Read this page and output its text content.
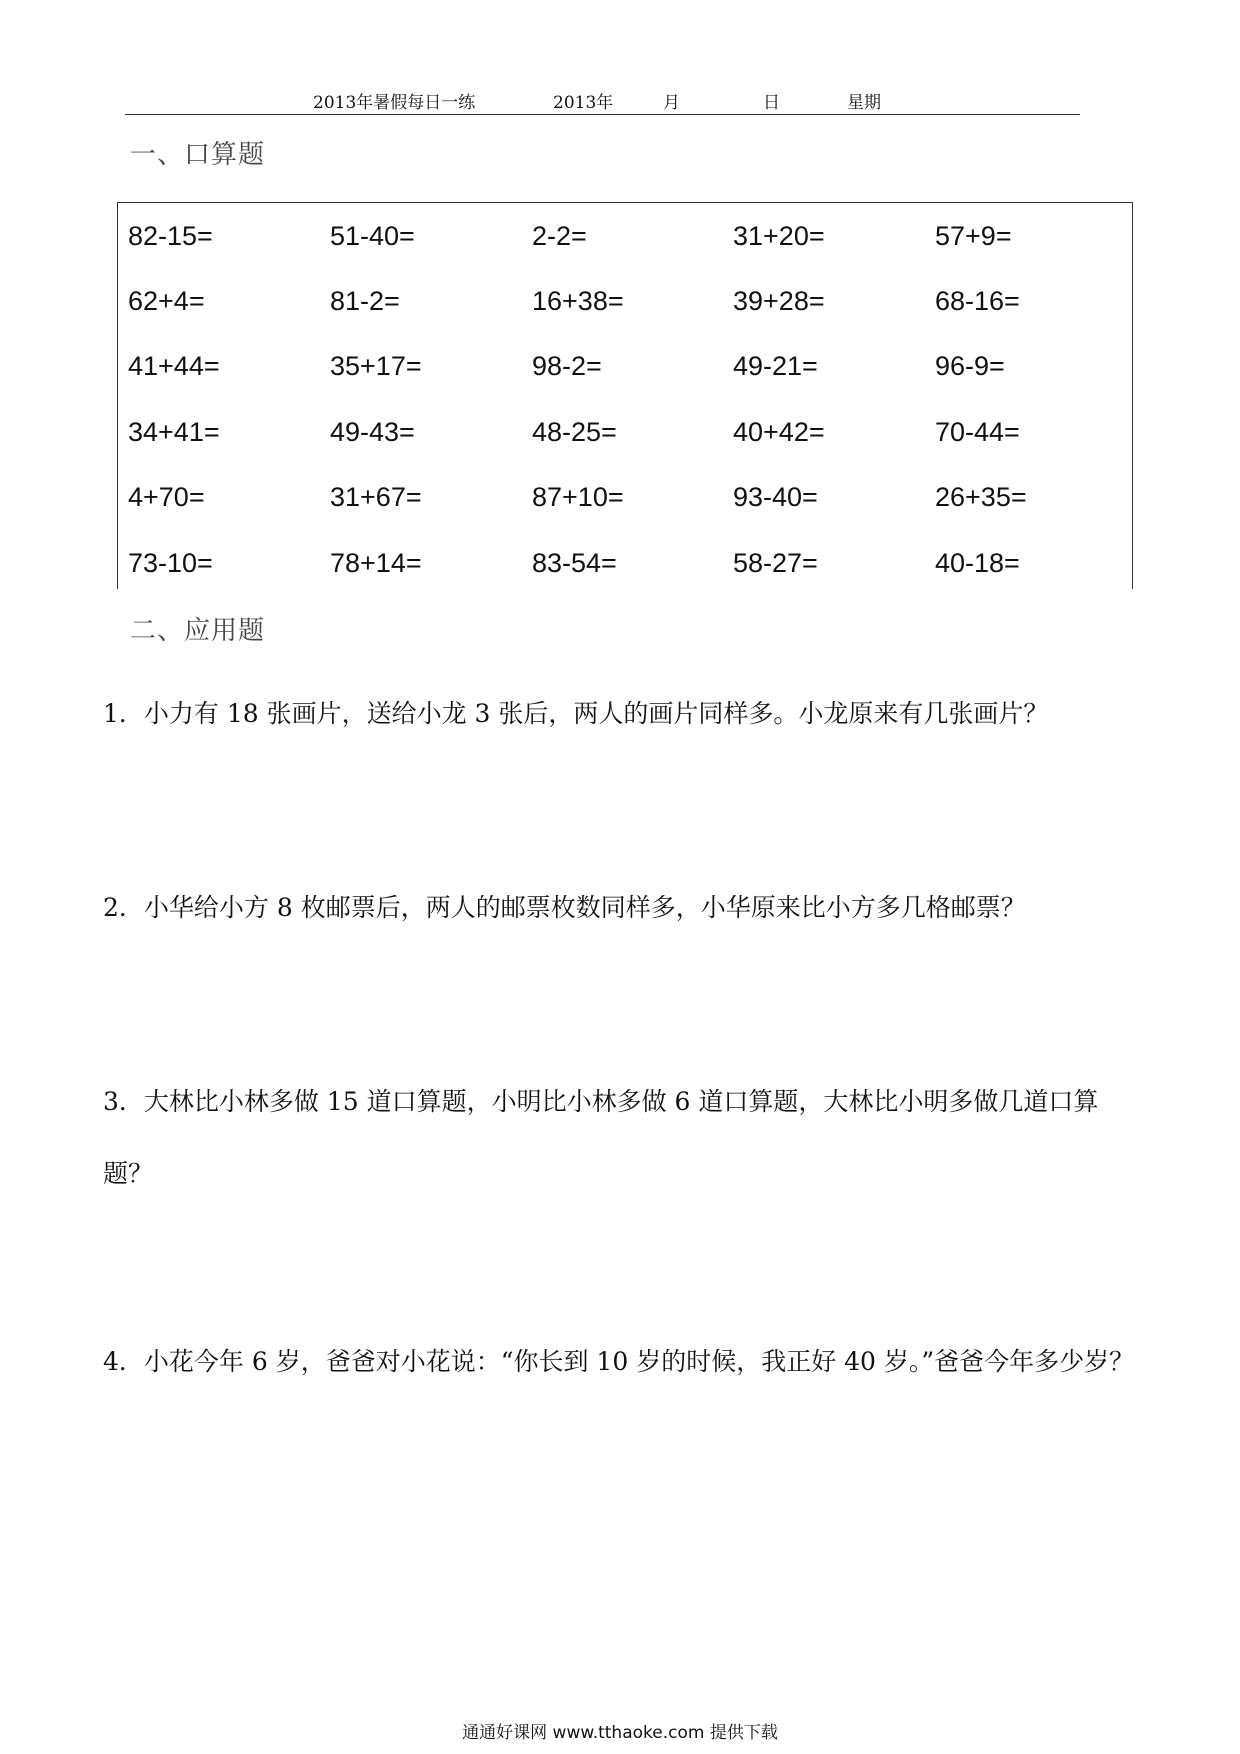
2013年暑假每日一练	2013年	月	日	星期
一、口算题
82-15=	51-40=	2-2=	31+20=	57+9=
62+4=	81-2=	16+38=	39+28=	68-16=
41+44=	35+17=	98-2=	49-21=	96-9=
34+41=	49-43=	48-25=	40+42=	70-44=
4+70=	31+67=	87+10=	93-40=	26+35=
73-10=	78+14=	83-54=	58-27=	40-18=
二、应用题
1．小力有 18 张画片，送给小龙 3 张后，两人的画片同样多。小龙原来有几张画片？
2．小华给小方 8 枚邮票后，两人的邮票枚数同样多，小华原来比小方多几格邮票？
3．大林比小林多做 15 道口算题，小明比小林多做 6 道口算题，大林比小明多做几道口算题？
4．小花今年 6 岁，爸爸对小花说：“你长到 10 岁的时候，我正好 40 岁。”爸爸今年多少岁？
通通好课网 www.tthaoke.com 提供下载
